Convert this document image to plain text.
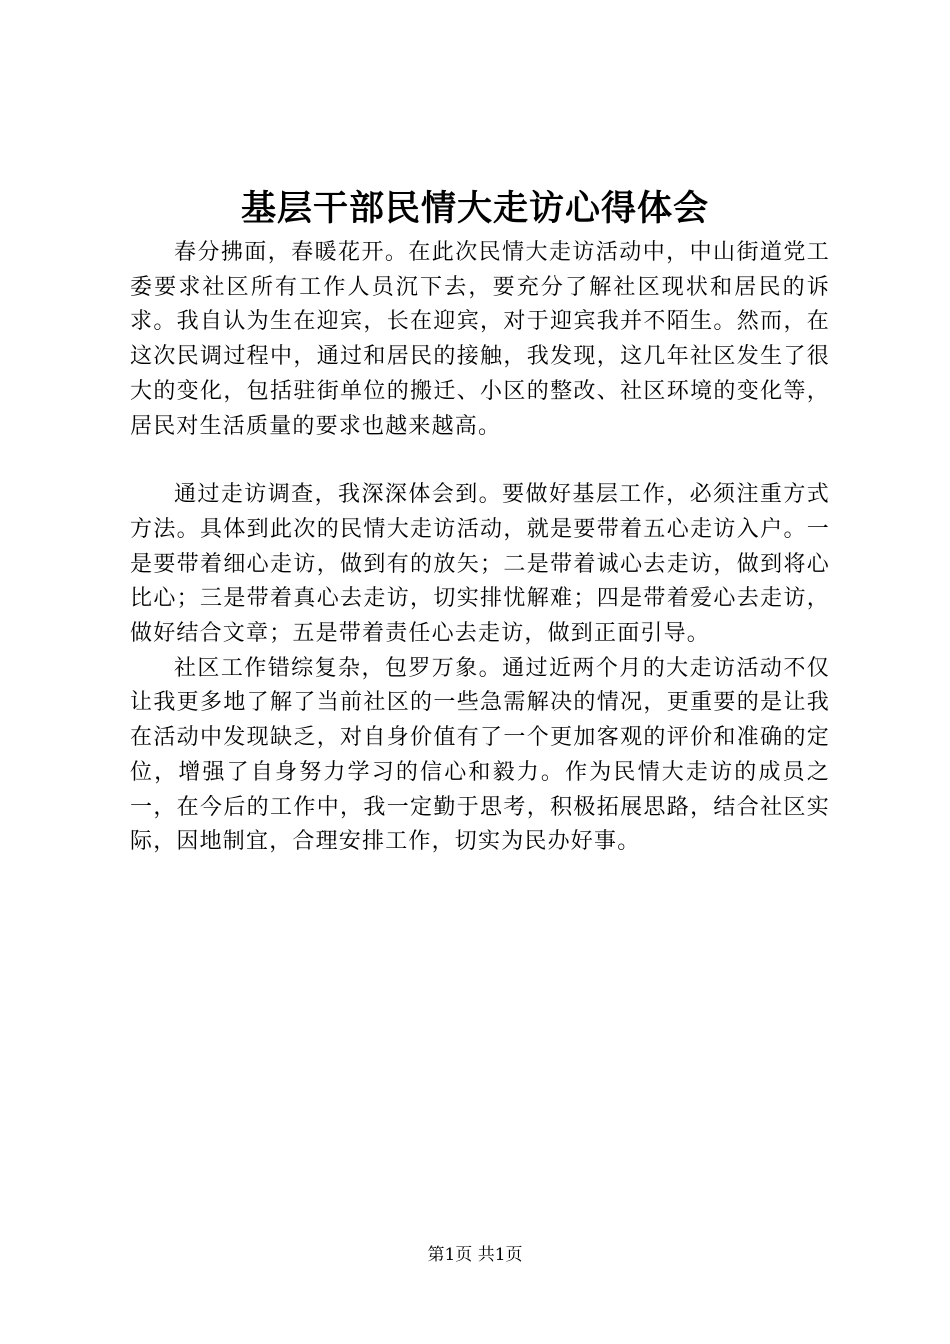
基层干部民情大走访心得体会

春分拂面，春暖花开。在此次民情大走访活动中，中山街道党工委要求社区所有工作人员沉下去，要充分了解社区现状和居民的诉求。我自认为生在迎宾，长在迎宾，对于迎宾我并不陌生。然而，在这次民调过程中，通过和居民的接触，我发现，这几年社区发生了很大的变化，包括驻街单位的搬迁、小区的整改、社区环境的变化等，居民对生活质量的要求也越来越高。

通过走访调查，我深深体会到。要做好基层工作，必须注重方式方法。具体到此次的民情大走访活动，就是要带着五心走访入户。一是要带着细心走访，做到有的放矢；二是带着诚心去走访，做到将心比心；三是带着真心去走访，切实排忧解难；四是带着爱心去走访，做好结合文章；五是带着责任心去走访，做到正面引导。

社区工作错综复杂，包罗万象。通过近两个月的大走访活动不仅让我更多地了解了当前社区的一些急需解决的情况，更重要的是让我在活动中发现缺乏，对自身价值有了一个更加客观的评价和准确的定位，增强了自身努力学习的信心和毅力。作为民情大走访的成员之一，在今后的工作中，我一定勤于思考，积极拓展思路，结合社区实际，因地制宜，合理安排工作，切实为民办好事。

第1页 共1页
